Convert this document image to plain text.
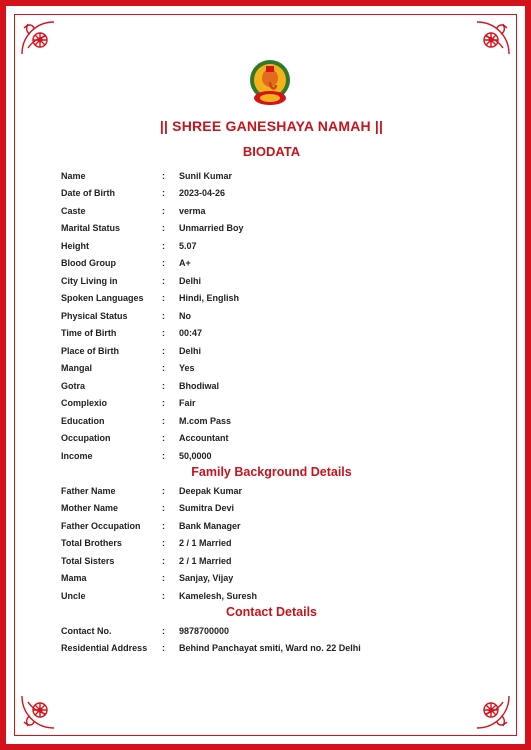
|| SHREE GANESHAYA NAMAH ||
BIODATA
Name	:	Sunil Kumar
Date of Birth	:	2023-04-26
Caste	:	verma
Marital Status	:	Unmarried Boy
Height	:	5.07
Blood Group	:	A+
City Living in	:	Delhi
Spoken Languages	:	Hindi, English
Physical Status	:	No
Time of Birth	:	00:47
Place of Birth	:	Delhi
Mangal	:	Yes
Gotra	:	Bhodiwal
Complexio	:	Fair
Education	:	M.com Pass
Occupation	:	Accountant
Income	:	50,0000
Family Background Details
Father Name	:	Deepak Kumar
Mother Name	:	Sumitra Devi
Father Occupation	:	Bank Manager
Total Brothers	:	2 / 1 Married
Total Sisters	:	2 / 1 Married
Mama	:	Sanjay, Vijay
Uncle	:	Kamelesh, Suresh
Contact Details
Contact No.	:	9878700000
Residential Address	:	Behind Panchayat smiti, Ward no. 22 Delhi
